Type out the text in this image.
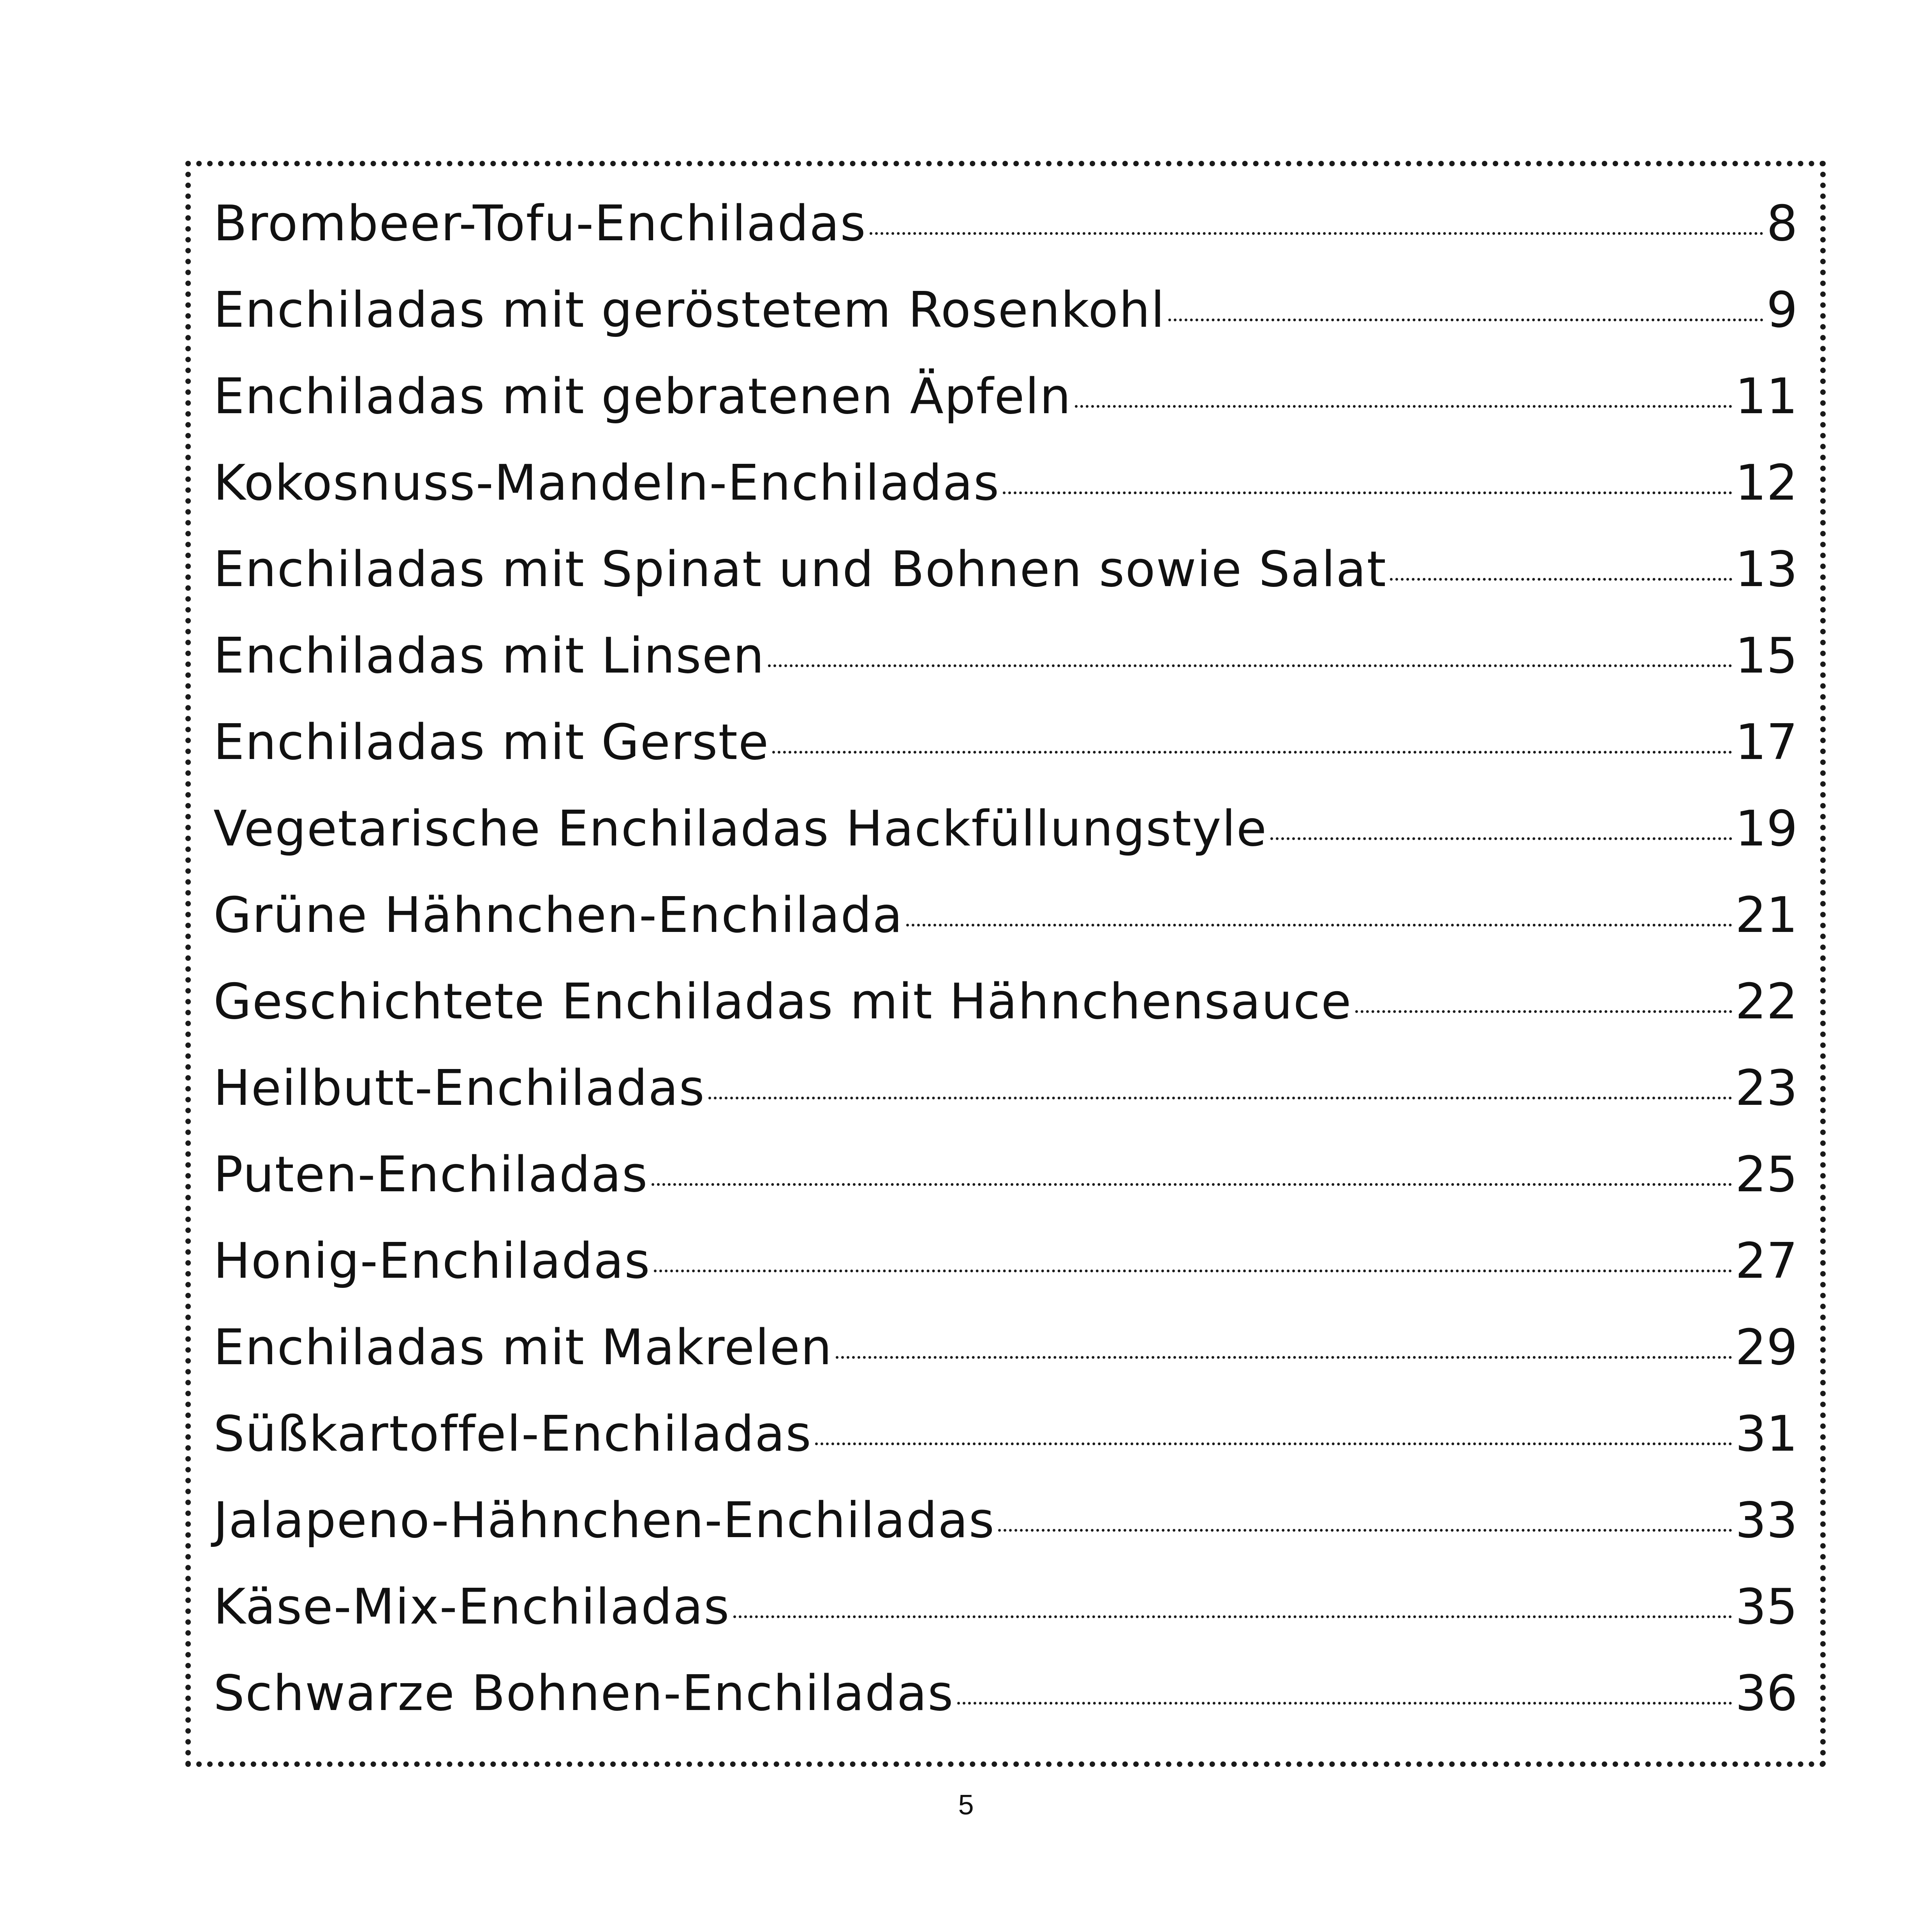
Brombeer-Tofu-Enchiladas	8
Enchiladas mit geröstetem Rosenkohl	9
Enchiladas mit gebratenen Äpfeln	11
Kokosnuss-Mandeln-Enchiladas	12
Enchiladas mit Spinat und Bohnen sowie Salat	13
Enchiladas mit Linsen	15
Enchiladas mit Gerste	17
Vegetarische Enchiladas Hackfüllungstyle	19
Grüne Hähnchen-Enchilada	21
Geschichtete Enchiladas mit Hähnchensauce	22
Heilbutt-Enchiladas	23
Puten-Enchiladas	25
Honig-Enchiladas	27
Enchiladas mit Makrelen	29
Süßkartoffel-Enchiladas	31
Jalapeno-Hähnchen-Enchiladas	33
Käse-Mix-Enchiladas	35
Schwarze Bohnen-Enchiladas	36
5
